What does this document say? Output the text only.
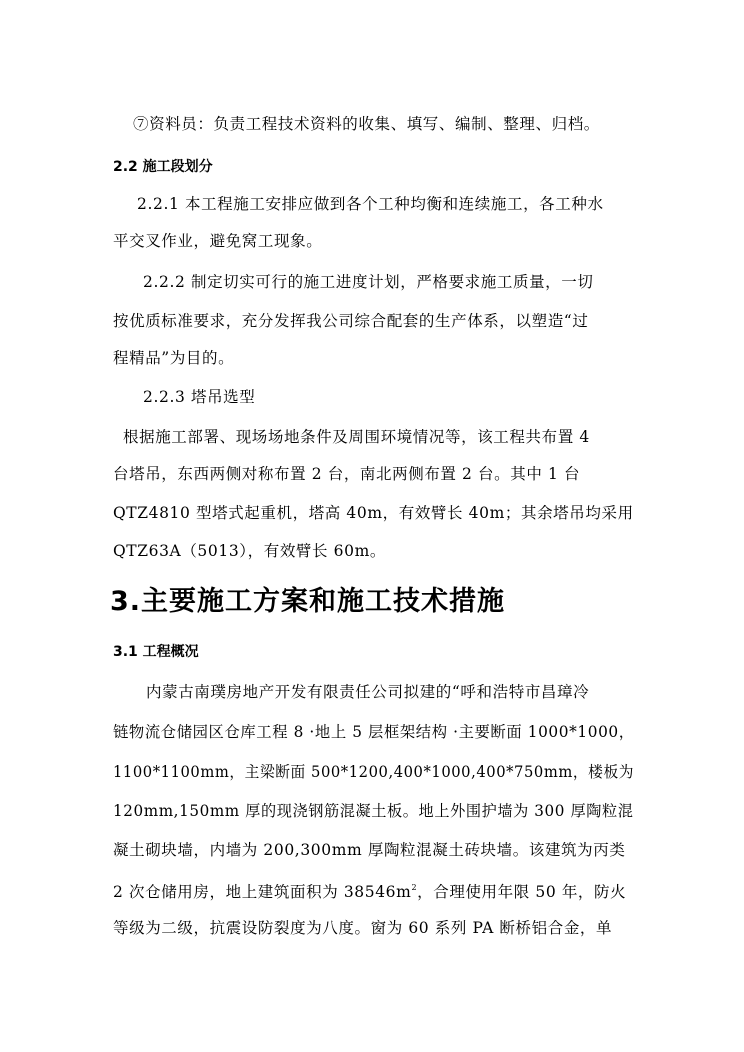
⑦资料员：负责工程技术资料的收集、填写、编制、整理、归档。
2.2 施工段划分
2.2.1 本工程施工安排应做到各个工种均衡和连续施工，各工种水
平交叉作业，避免窝工现象。
2.2.2 制定切实可行的施工进度计划，严格要求施工质量，一切
按优质标准要求，充分发挥我公司综合配套的生产体系，以塑造“过
程精品”为目的。
2.2.3 塔吊选型
根据施工部署、现场场地条件及周围环境情况等，该工程共布置 4
台塔吊，东西两侧对称布置 2 台，南北两侧布置 2 台。其中 1 台
QTZ4810 型塔式起重机，塔高 40m，有效臂长 40m；其余塔吊均采用
QTZ63A（5013），有效臂长 60m。
3.主要施工方案和施工技术措施
3.1 工程概况
内蒙古南璞房地产开发有限责任公司拟建的“呼和浩特市昌璋冷
链物流仓储园区仓库工程 8 ·地上 5 层框架结构 ·主要断面 1000*1000，
1100*1100mm，主梁断面 500*1200,400*1000,400*750mm，楼板为
120mm,150mm 厚的现浇钢筋混凝土板。地上外围护墙为 300 厚陶粒混
凝土砌块墙，内墙为 200,300mm 厚陶粒混凝土砖块墙。该建筑为丙类
2 次仓储用房，地上建筑面积为 $38546m^2$，合理使用年限 50 年，防火
等级为二级，抗震设防裂度为八度。窗为 60 系列 PA 断桥铝合金，单
